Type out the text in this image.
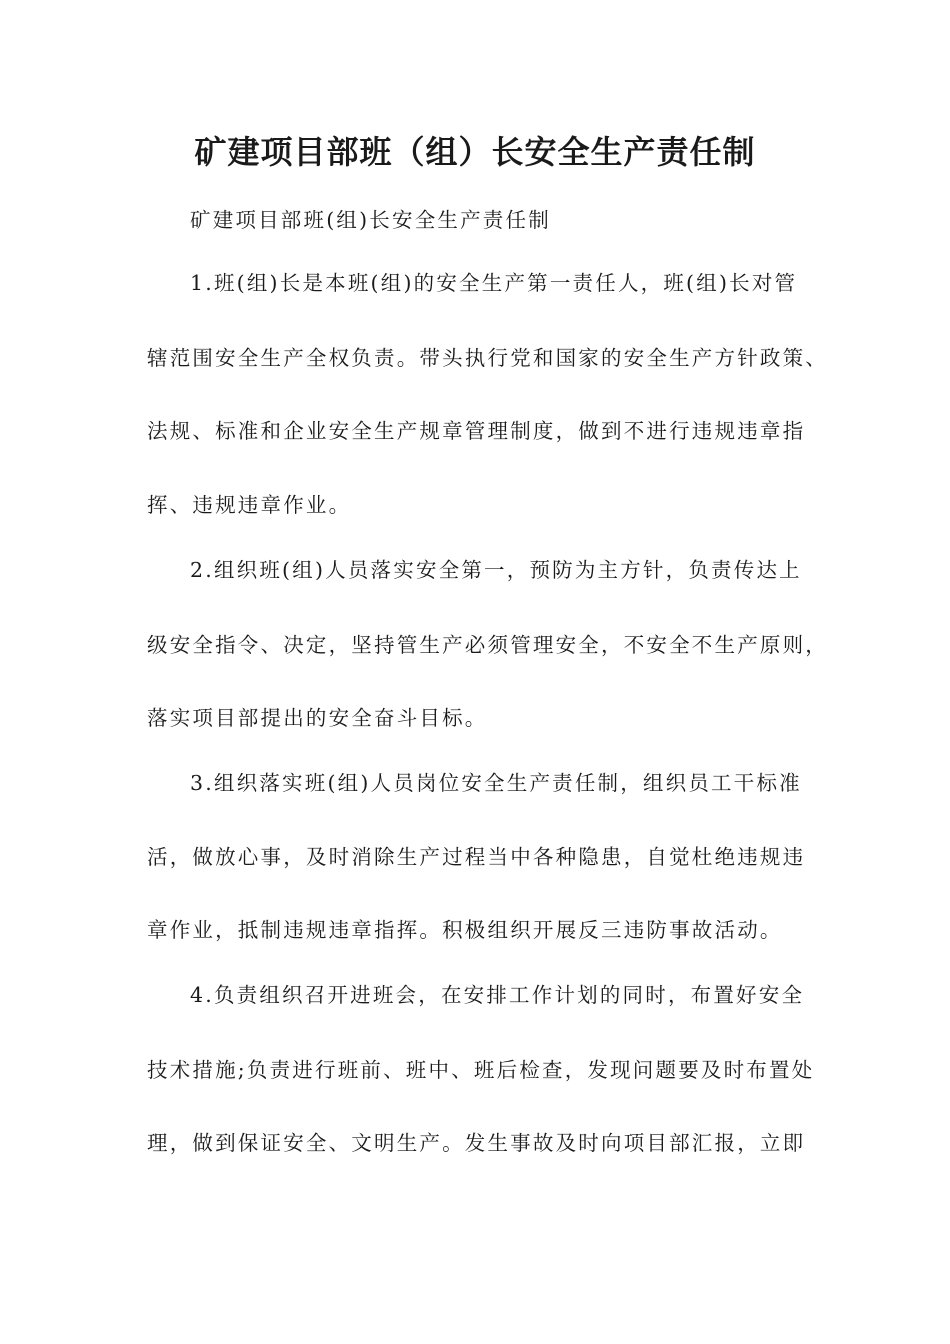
矿建项目部班（组）长安全生产责任制
矿建项目部班(组)长安全生产责任制
1.班(组)长是本班(组)的安全生产第一责任人，班(组)长对管
辖范围安全生产全权负责。带头执行党和国家的安全生产方针政策、
法规、标准和企业安全生产规章管理制度，做到不进行违规违章指
挥、违规违章作业。
2.组织班(组)人员落实安全第一，预防为主方针，负责传达上
级安全指令、决定，坚持管生产必须管理安全，不安全不生产原则，
落实项目部提出的安全奋斗目标。
3.组织落实班(组)人员岗位安全生产责任制，组织员工干标准
活，做放心事，及时消除生产过程当中各种隐患，自觉杜绝违规违
章作业，抵制违规违章指挥。积极组织开展反三违防事故活动。
4.负责组织召开进班会，在安排工作计划的同时，布置好安全
技术措施;负责进行班前、班中、班后检查，发现问题要及时布置处
理，做到保证安全、文明生产。发生事故及时向项目部汇报，立即
